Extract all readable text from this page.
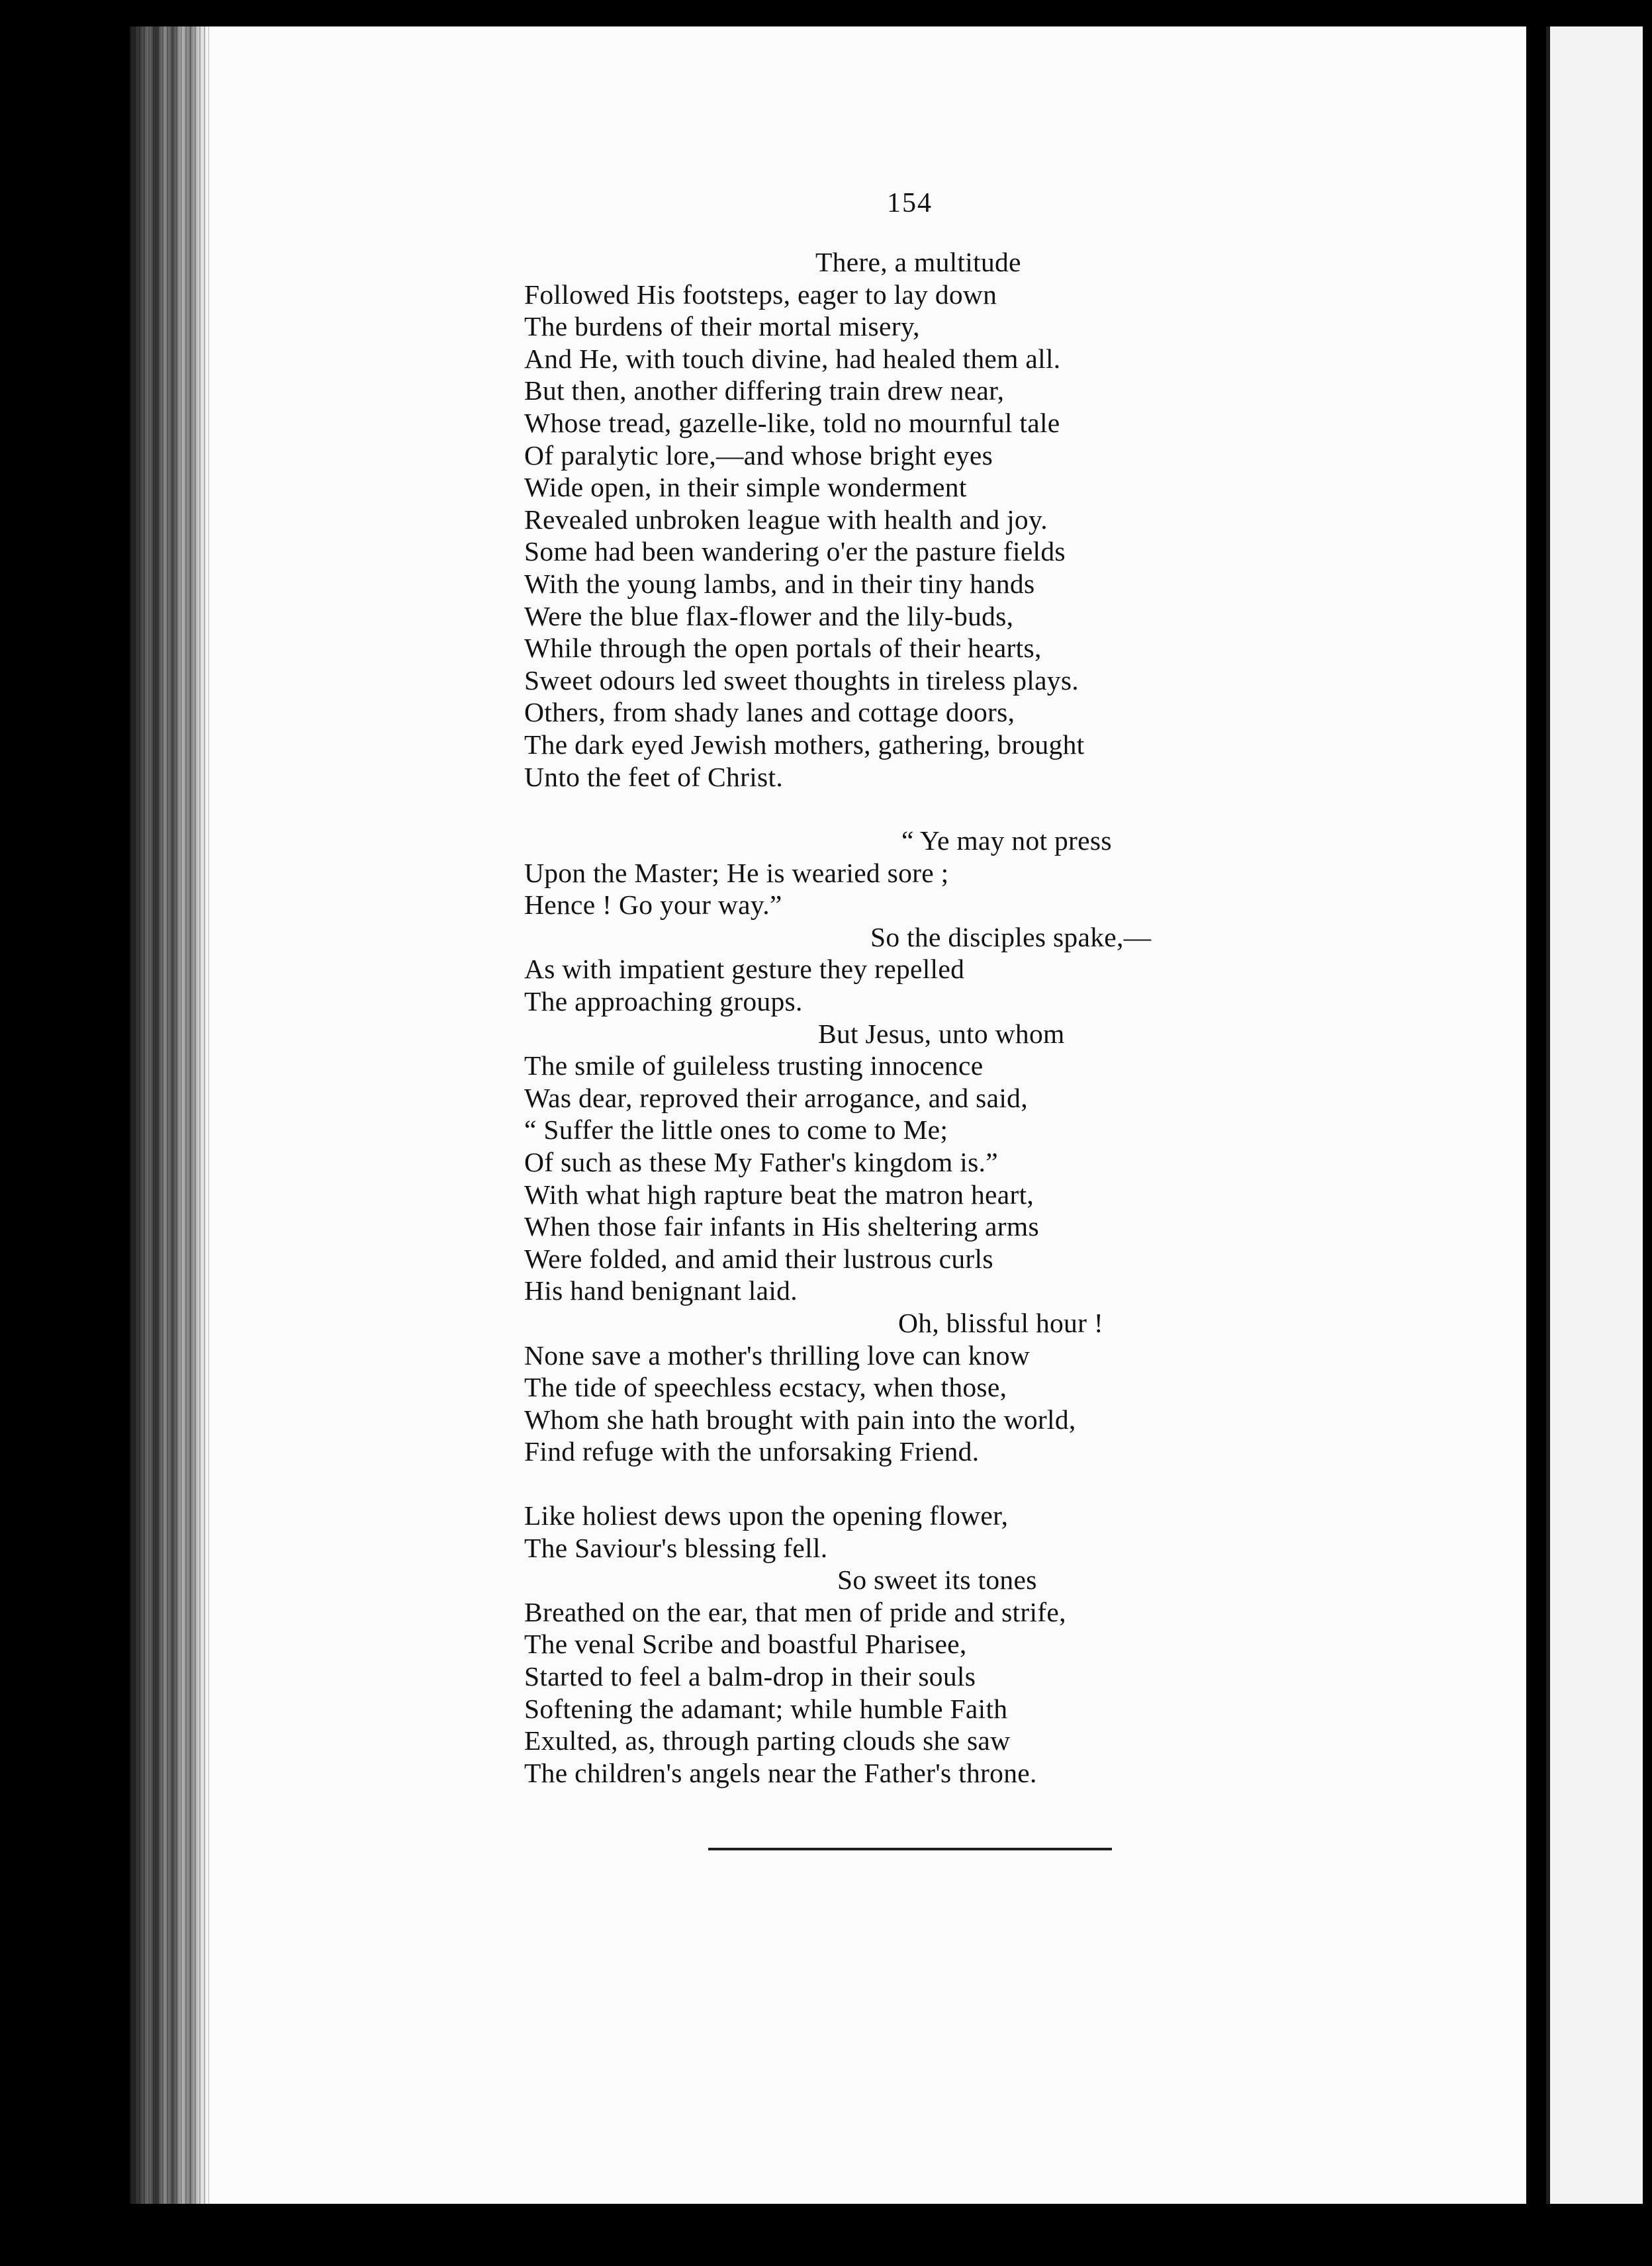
154
There, a multitude
Followed His footsteps, eager to lay down
The burdens of their mortal misery,
And He, with touch divine, had healed them all.
But then, another differing train drew near,
Whose tread, gazelle-like, told no mournful tale
Of paralytic lore,—and whose bright eyes
Wide open, in their simple wonderment
Revealed unbroken league with health and joy.
Some had been wandering o'er the pasture fields
With the young lambs, and in their tiny hands
Were the blue flax-flower and the lily-buds,
While through the open portals of their hearts,
Sweet odours led sweet thoughts in tireless plays.
Others, from shady lanes and cottage doors,
The dark eyed Jewish mothers, gathering, brought
Unto the feet of Christ.
“ Ye may not press
Upon the Master; He is wearied sore ;
Hence ! Go your way.”
So the disciples spake,—
As with impatient gesture they repelled
The approaching groups.
But Jesus, unto whom
The smile of guileless trusting innocence
Was dear, reproved their arrogance, and said,
“ Suffer the little ones to come to Me;
Of such as these My Father's kingdom is.”
With what high rapture beat the matron heart,
When those fair infants in His sheltering arms
Were folded, and amid their lustrous curls
His hand benignant laid.
Oh, blissful hour !
None save a mother's thrilling love can know
The tide of speechless ecstacy, when those,
Whom she hath brought with pain into the world,
Find refuge with the unforsaking Friend.
Like holiest dews upon the opening flower,
The Saviour's blessing fell.
So sweet its tones
Breathed on the ear, that men of pride and strife,
The venal Scribe and boastful Pharisee,
Started to feel a balm-drop in their souls
Softening the adamant; while humble Faith
Exulted, as, through parting clouds she saw
The children's angels near the Father's throne.
